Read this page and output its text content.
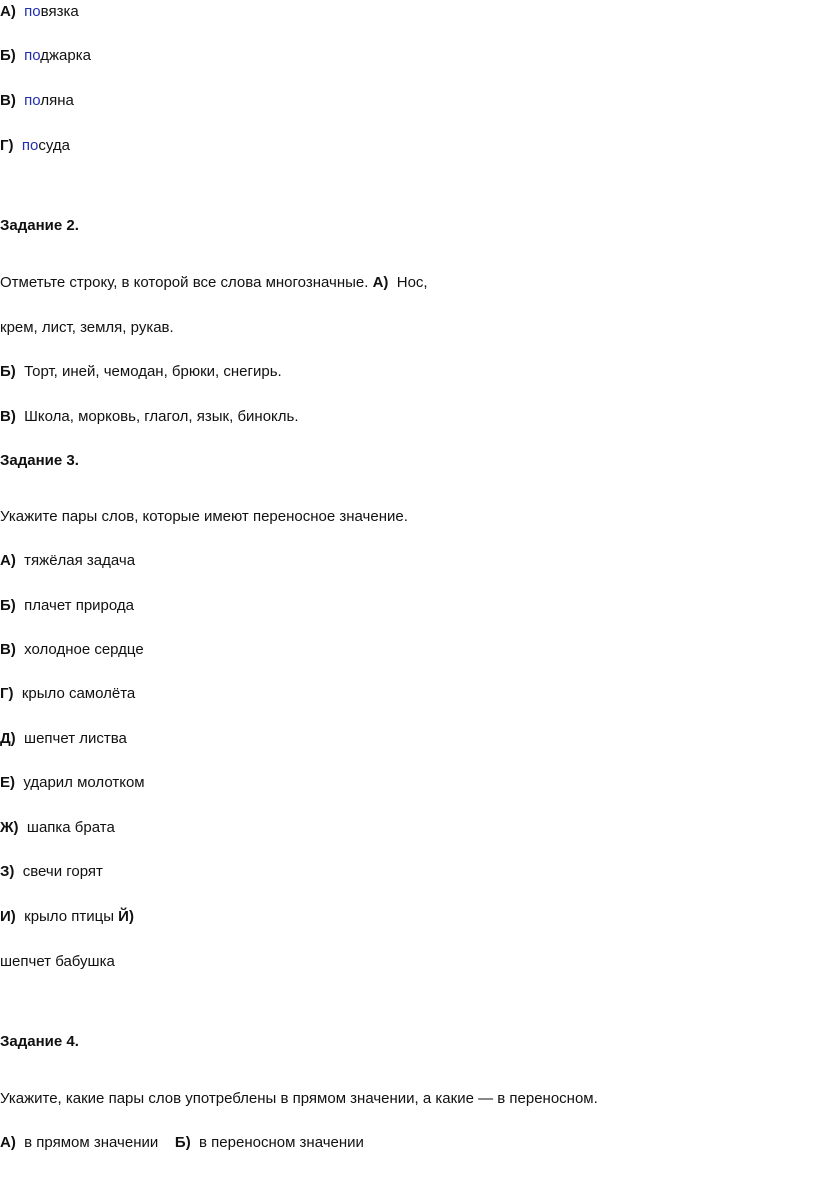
А) повязка
Б) поджарка
В) поляна
Г) посуда
Задание 2.
Отметьте строку, в которой все слова многозначные. А) Нос,
крем, лист, земля, рукав.
Б) Торт, иней, чемодан, брюки, снегирь.
В) Школа, морковь, глагол, язык, бинокль.
Задание 3.
Укажите пары слов, которые имеют переносное значение.
А) тяжёлая задача
Б) плачет природа
В) холодное сердце
Г) крыло самолёта
Д) шепчет листва
Е) ударил молотком
Ж) шапка брата
З) свечи горят
И) крыло птицы Й)
шепчет бабушка
Задание 4.
Укажите, какие пары слов употреблены в прямом значении, а какие — в переносном.
А) в прямом значении Б) в переносном значении
